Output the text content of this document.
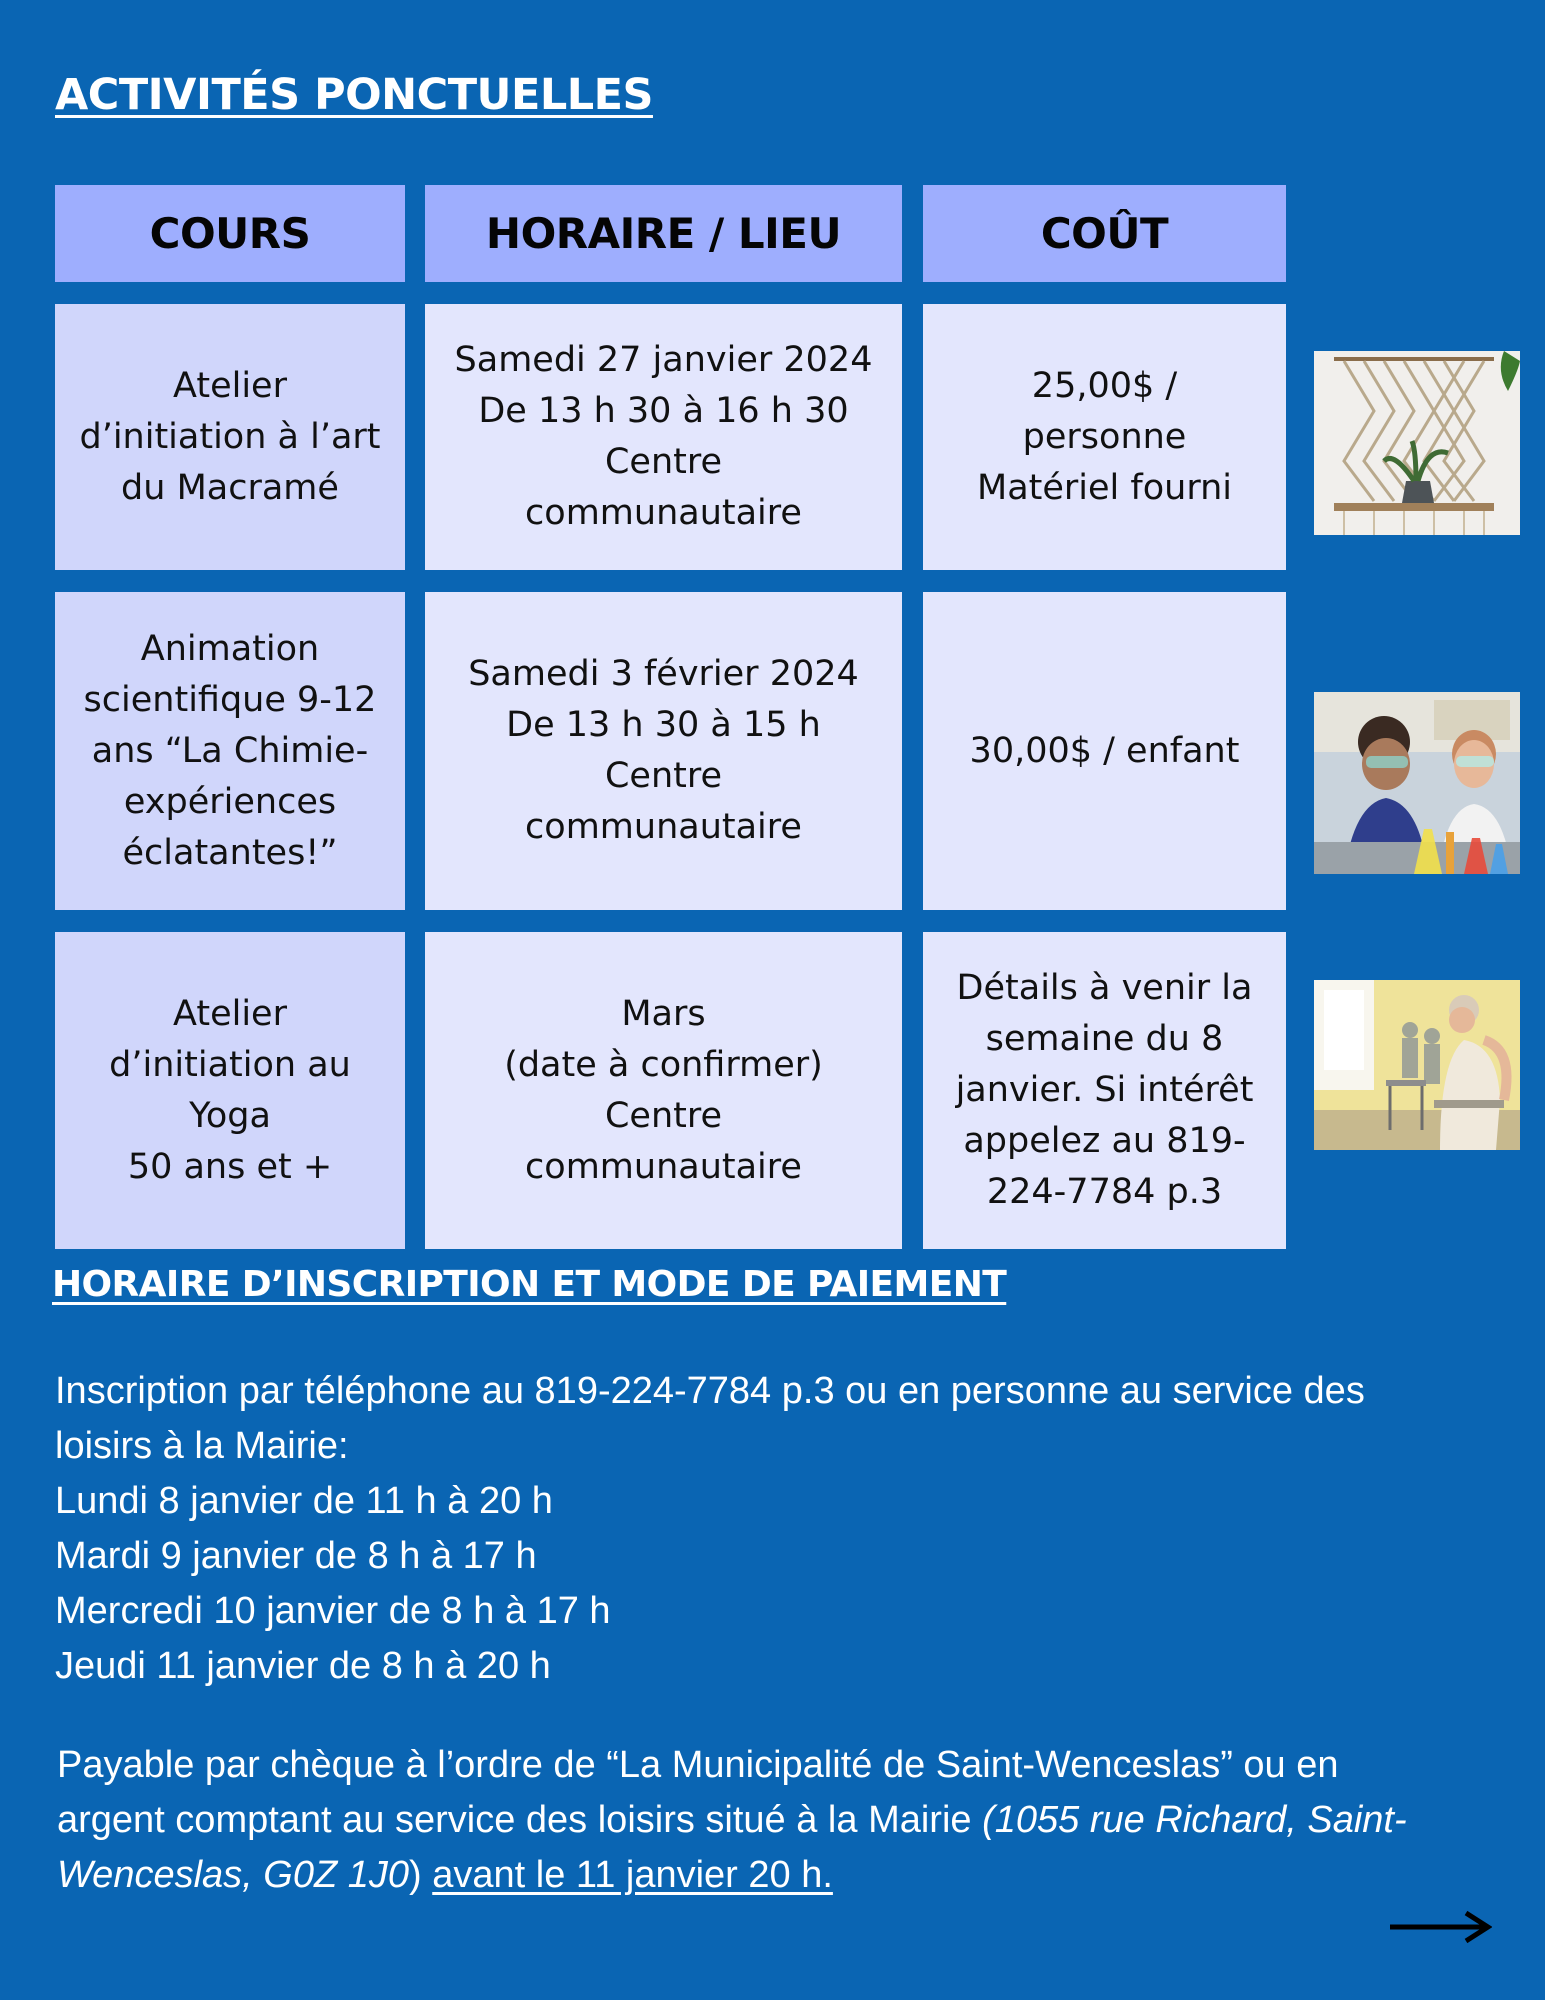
ACTIVITÉS PONCTUELLES
COURS	HORAIRE / LIEU	COÛT
Atelier
d’initiation à l’art
du Macramé
Samedi 27 janvier 2024
De 13 h 30 à 16 h 30
Centre
communautaire
25,00$ /
personne
Matériel fourni
Animation
scientifique 9-12
ans “La Chimie-
expériences
éclatantes!”
Samedi 3 février 2024
De 13 h 30 à 15 h
Centre
communautaire
30,00$ / enfant
Atelier
d’initiation au
Yoga
50 ans et +
Mars
(date à confirmer)
Centre
communautaire
Détails à venir la
semaine du 8
janvier. Si intérêt
appelez au 819-
224-7784 p.3
HORAIRE D’INSCRIPTION ET MODE DE PAIEMENT
Inscription par téléphone au 819-224-7784 p.3 ou en personne au service des
loisirs à la Mairie:
Lundi 8 janvier de 11 h à 20 h
Mardi 9 janvier de 8 h à 17 h
Mercredi 10 janvier de 8 h à 17 h
Jeudi 11 janvier de 8 h à 20 h
Payable par chèque à l’ordre de “La Municipalité de Saint-Wenceslas” ou en
argent comptant au service des loisirs situé à la Mairie (1055 rue Richard, Saint-
Wenceslas, G0Z 1J0) avant le 11 janvier 20 h.
